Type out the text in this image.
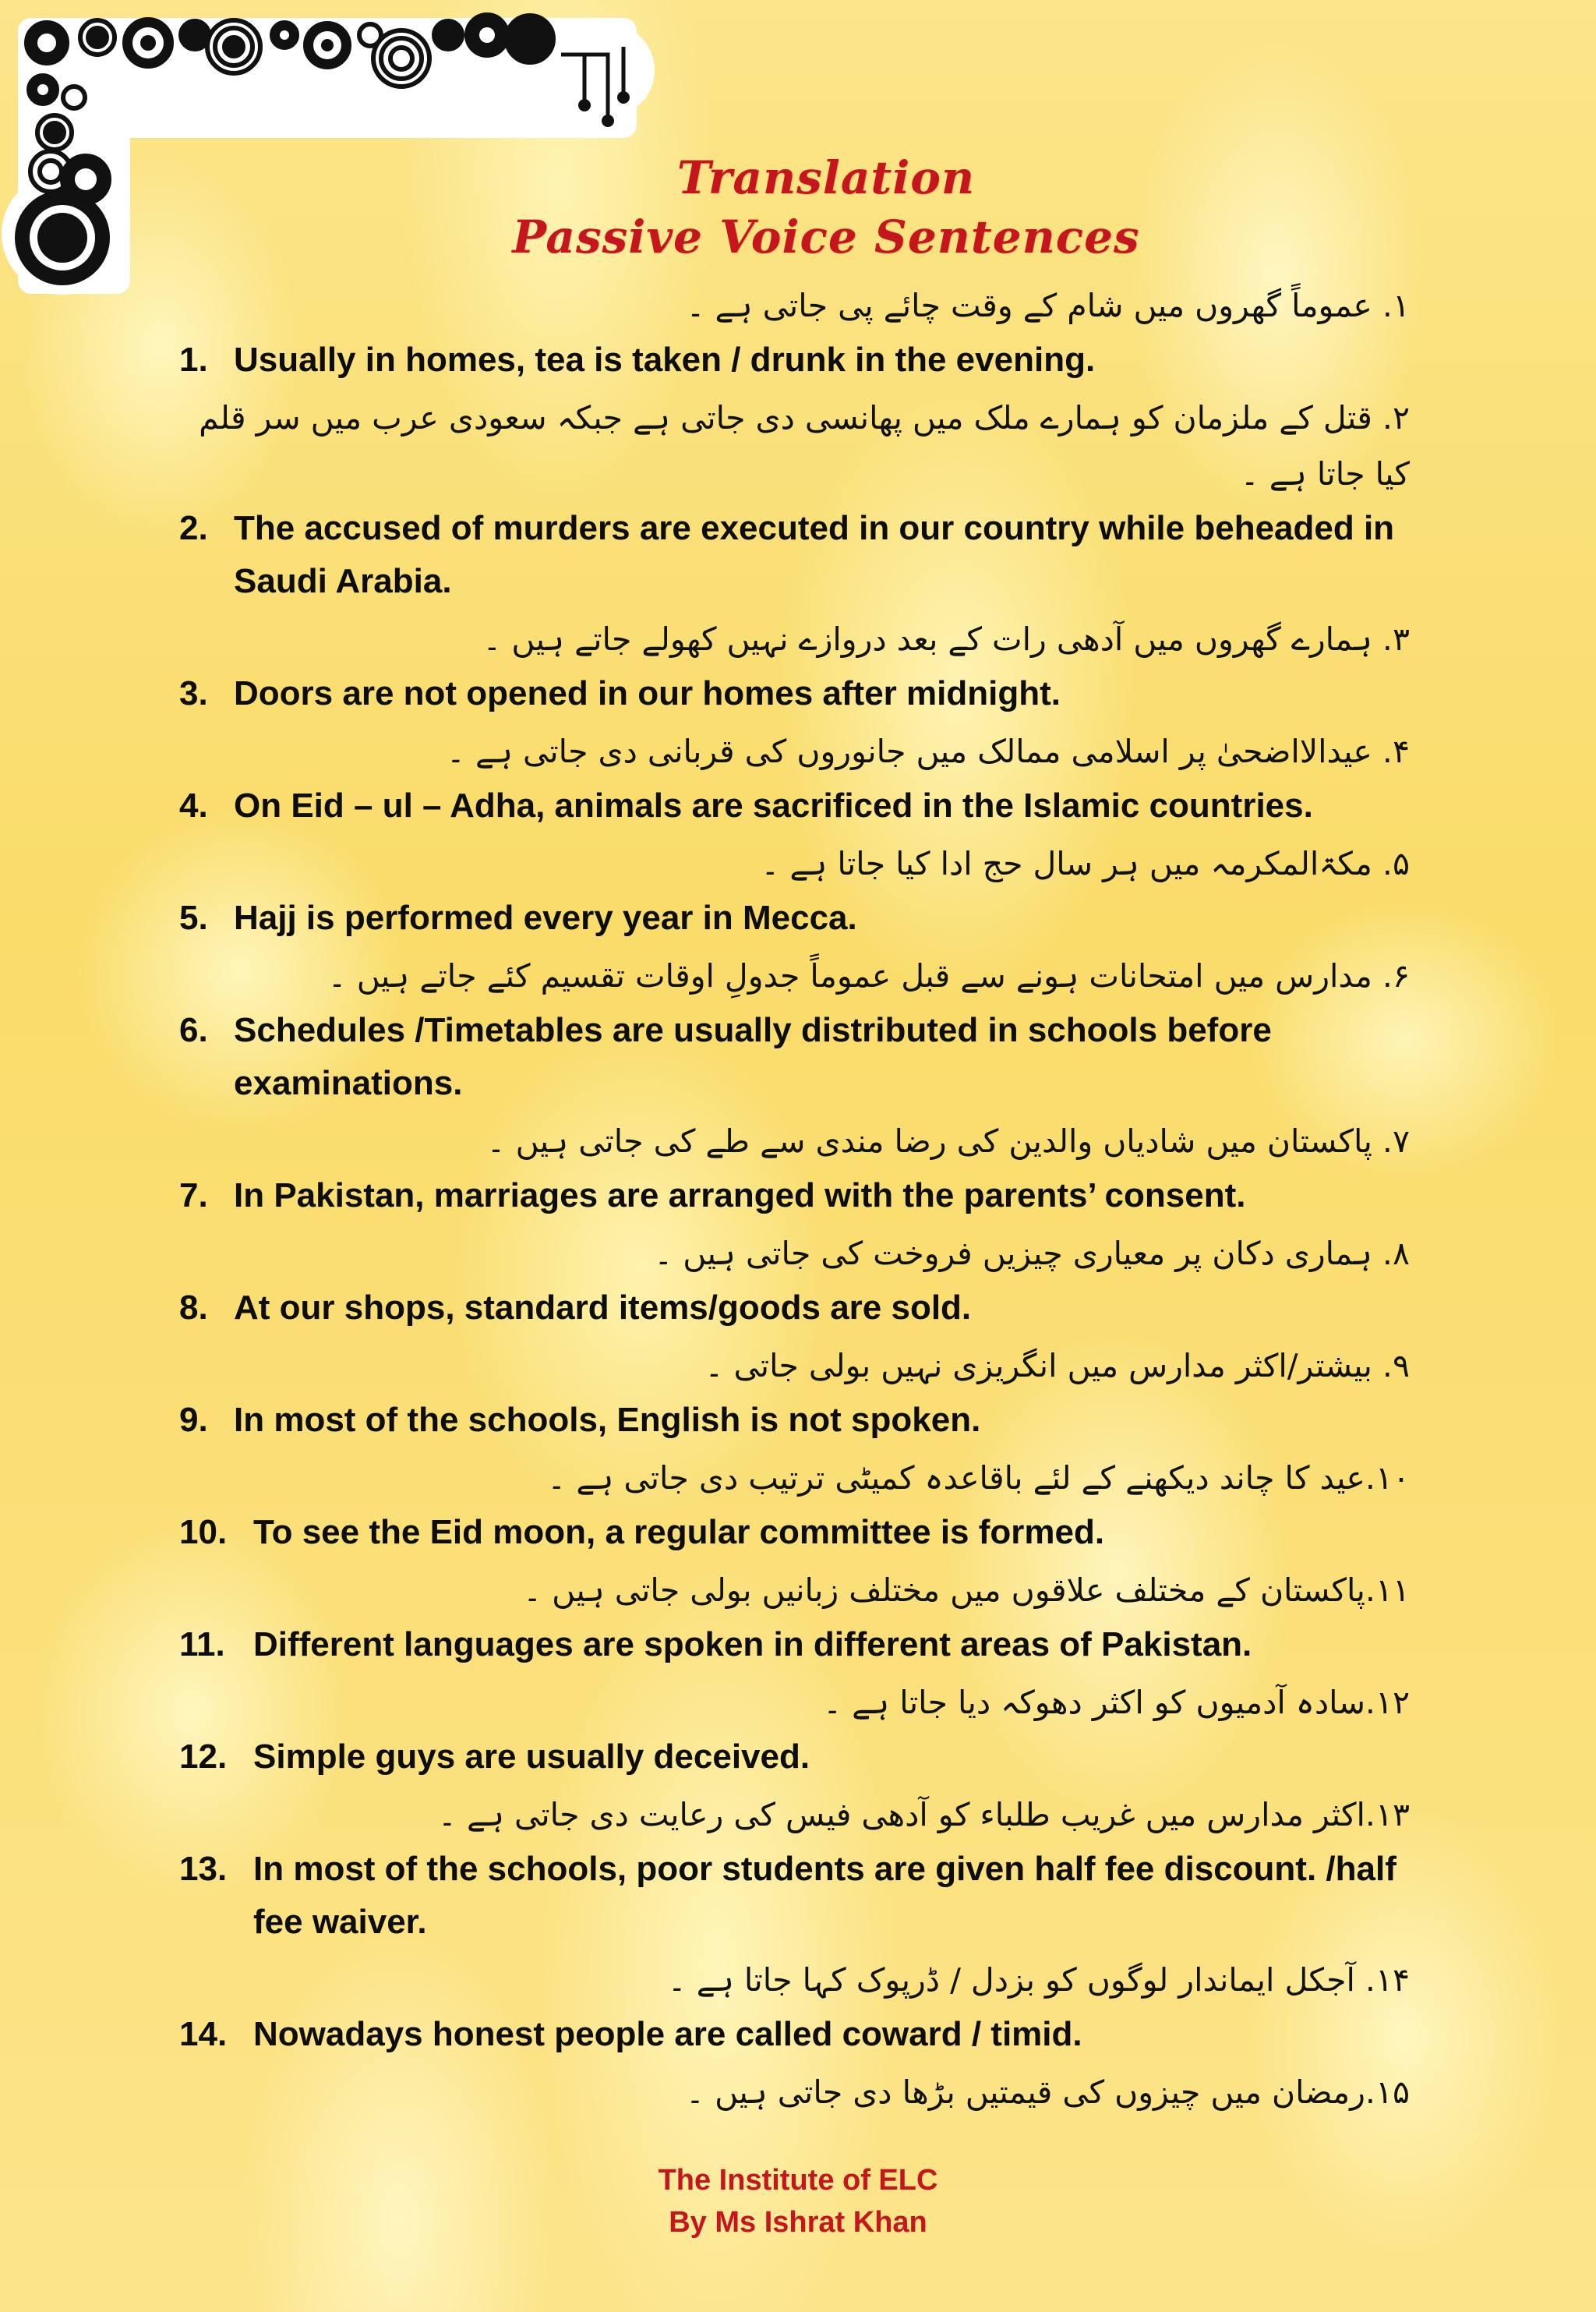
Translation
Passive Voice Sentences

۱. عموماً گھروں میں شام کے وقت چائے پی جاتی ہے ۔

1. Usually in homes, tea is taken / drunk in the evening.

۲. قتل کے ملزمان کو ہمارے ملک میں پھانسی دی جاتی ہے جبکہ سعودی عرب میں سر قلم کیا جاتا ہے ۔

2. The accused of murders are executed in our country while beheaded in Saudi Arabia.

۳. ہمارے گھروں میں آدھی رات کے بعد دروازے نہیں کھولے جاتے ہیں ۔

3. Doors are not opened in our homes after midnight.

۴. عیدالااضحیٰ پر اسلامی ممالک میں جانوروں کی قربانی دی جاتی ہے ۔

4. On Eid – ul – Adha, animals are sacrificed in the Islamic countries.

۵. مکۃالمکرمہ میں ہر سال حج ادا کیا جاتا ہے ۔

5. Hajj is performed every year in Mecca.

۶. مدارس میں امتحانات ہونے سے قبل عموماً جدولِ اوقات تقسیم کئے جاتے ہیں ۔

6. Schedules /Timetables are usually distributed in schools before examinations.

۷. پاکستان میں شادیاں والدین کی رضا مندی سے طے کی جاتی ہیں ۔

7. In Pakistan, marriages are arranged with the parents’ consent.

۸. ہماری دکان پر معیاری چیزیں فروخت کی جاتی ہیں ۔

8. At our shops, standard items/goods are sold.

۹. بیشتر/اکثر مدارس میں انگریزی نہیں بولی جاتی ۔

9. In most of the schools, English is not spoken.

۱۰.عید کا چاند دیکھنے کے لئے باقاعدہ کمیٹی ترتیب دی جاتی ہے ۔

10. To see the Eid moon, a regular committee is formed.

۱۱.پاکستان کے مختلف علاقوں میں مختلف زبانیں بولی جاتی ہیں ۔

11. Different languages are spoken in different areas of Pakistan.

۱۲.سادہ آدمیوں کو اکثر دھوکہ دیا جاتا ہے ۔

12. Simple guys are usually deceived.

۱۳.اکثر مدارس میں غریب طلباء کو آدھی فیس کی رعایت دی جاتی ہے ۔

13. In most of the schools, poor students are given half fee discount. /half fee waiver.

۱۴. آجکل ایماندار لوگوں کو بزدل / ڈرپوک کہا جاتا ہے ۔

14. Nowadays honest people are called coward / timid.

۱۵.رمضان میں چیزوں کی قیمتیں بڑھا دی جاتی ہیں ۔

The Institute of ELC
By Ms Ishrat Khan
